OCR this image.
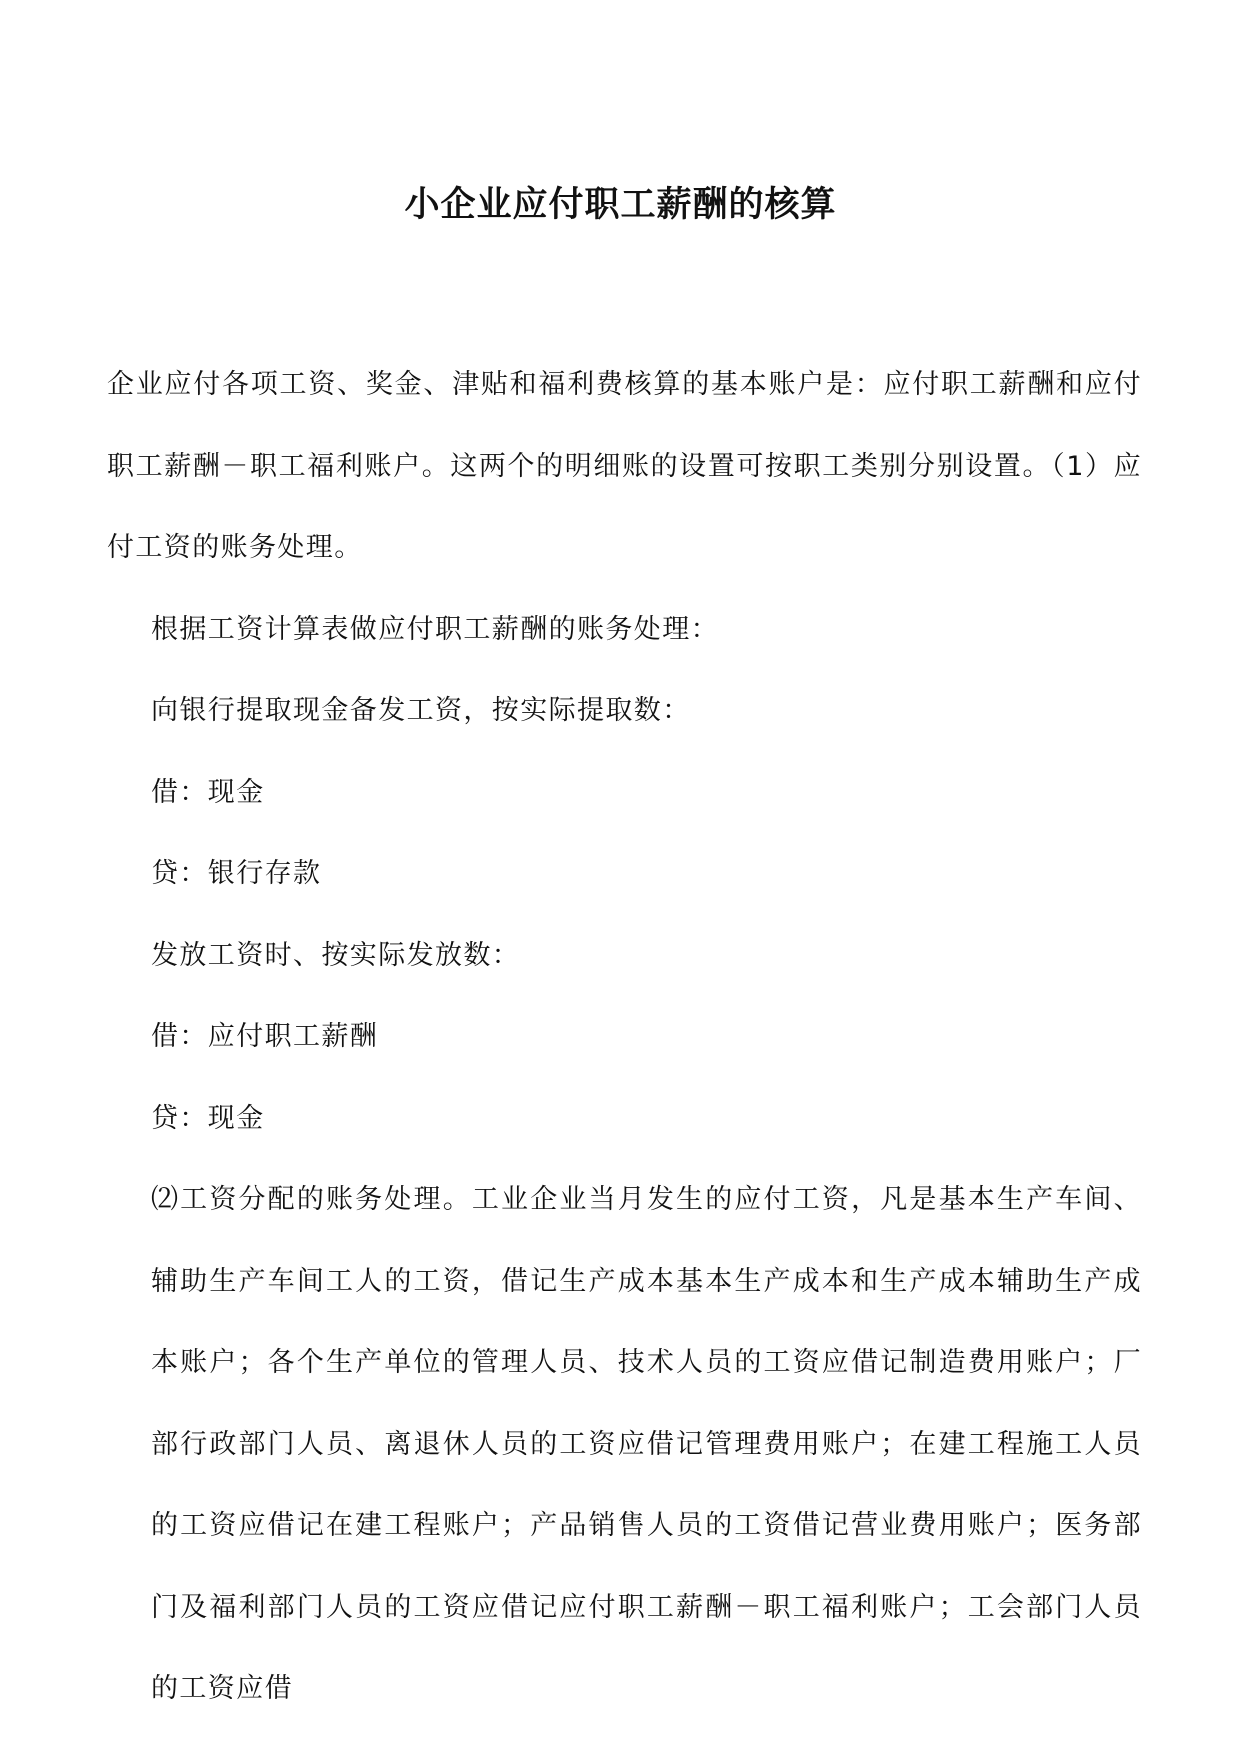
小企业应付职工薪酬的核算

企业应付各项工资、奖金、津贴和福利费核算的基本账户是：应付职工薪酬和应付职工薪酬－职工福利账户。这两个的明细账的设置可按职工类别分别设置。（1）应付工资的账务处理。

根据工资计算表做应付职工薪酬的账务处理：

向银行提取现金备发工资，按实际提取数：

借：现金

贷：银行存款

发放工资时、按实际发放数：

借：应付职工薪酬

贷：现金

⑵工资分配的账务处理。工业企业当月发生的应付工资，凡是基本生产车间、辅助生产车间工人的工资，借记生产成本基本生产成本和生产成本辅助生产成本账户；各个生产单位的管理人员、技术人员的工资应借记制造费用账户；厂部行政部门人员、离退休人员的工资应借记管理费用账户；在建工程施工人员的工资应借记在建工程账户；产品销售人员的工资借记营业费用账户；医务部门及福利部门人员的工资应借记应付职工薪酬－职工福利账户；工会部门人员的工资应借
